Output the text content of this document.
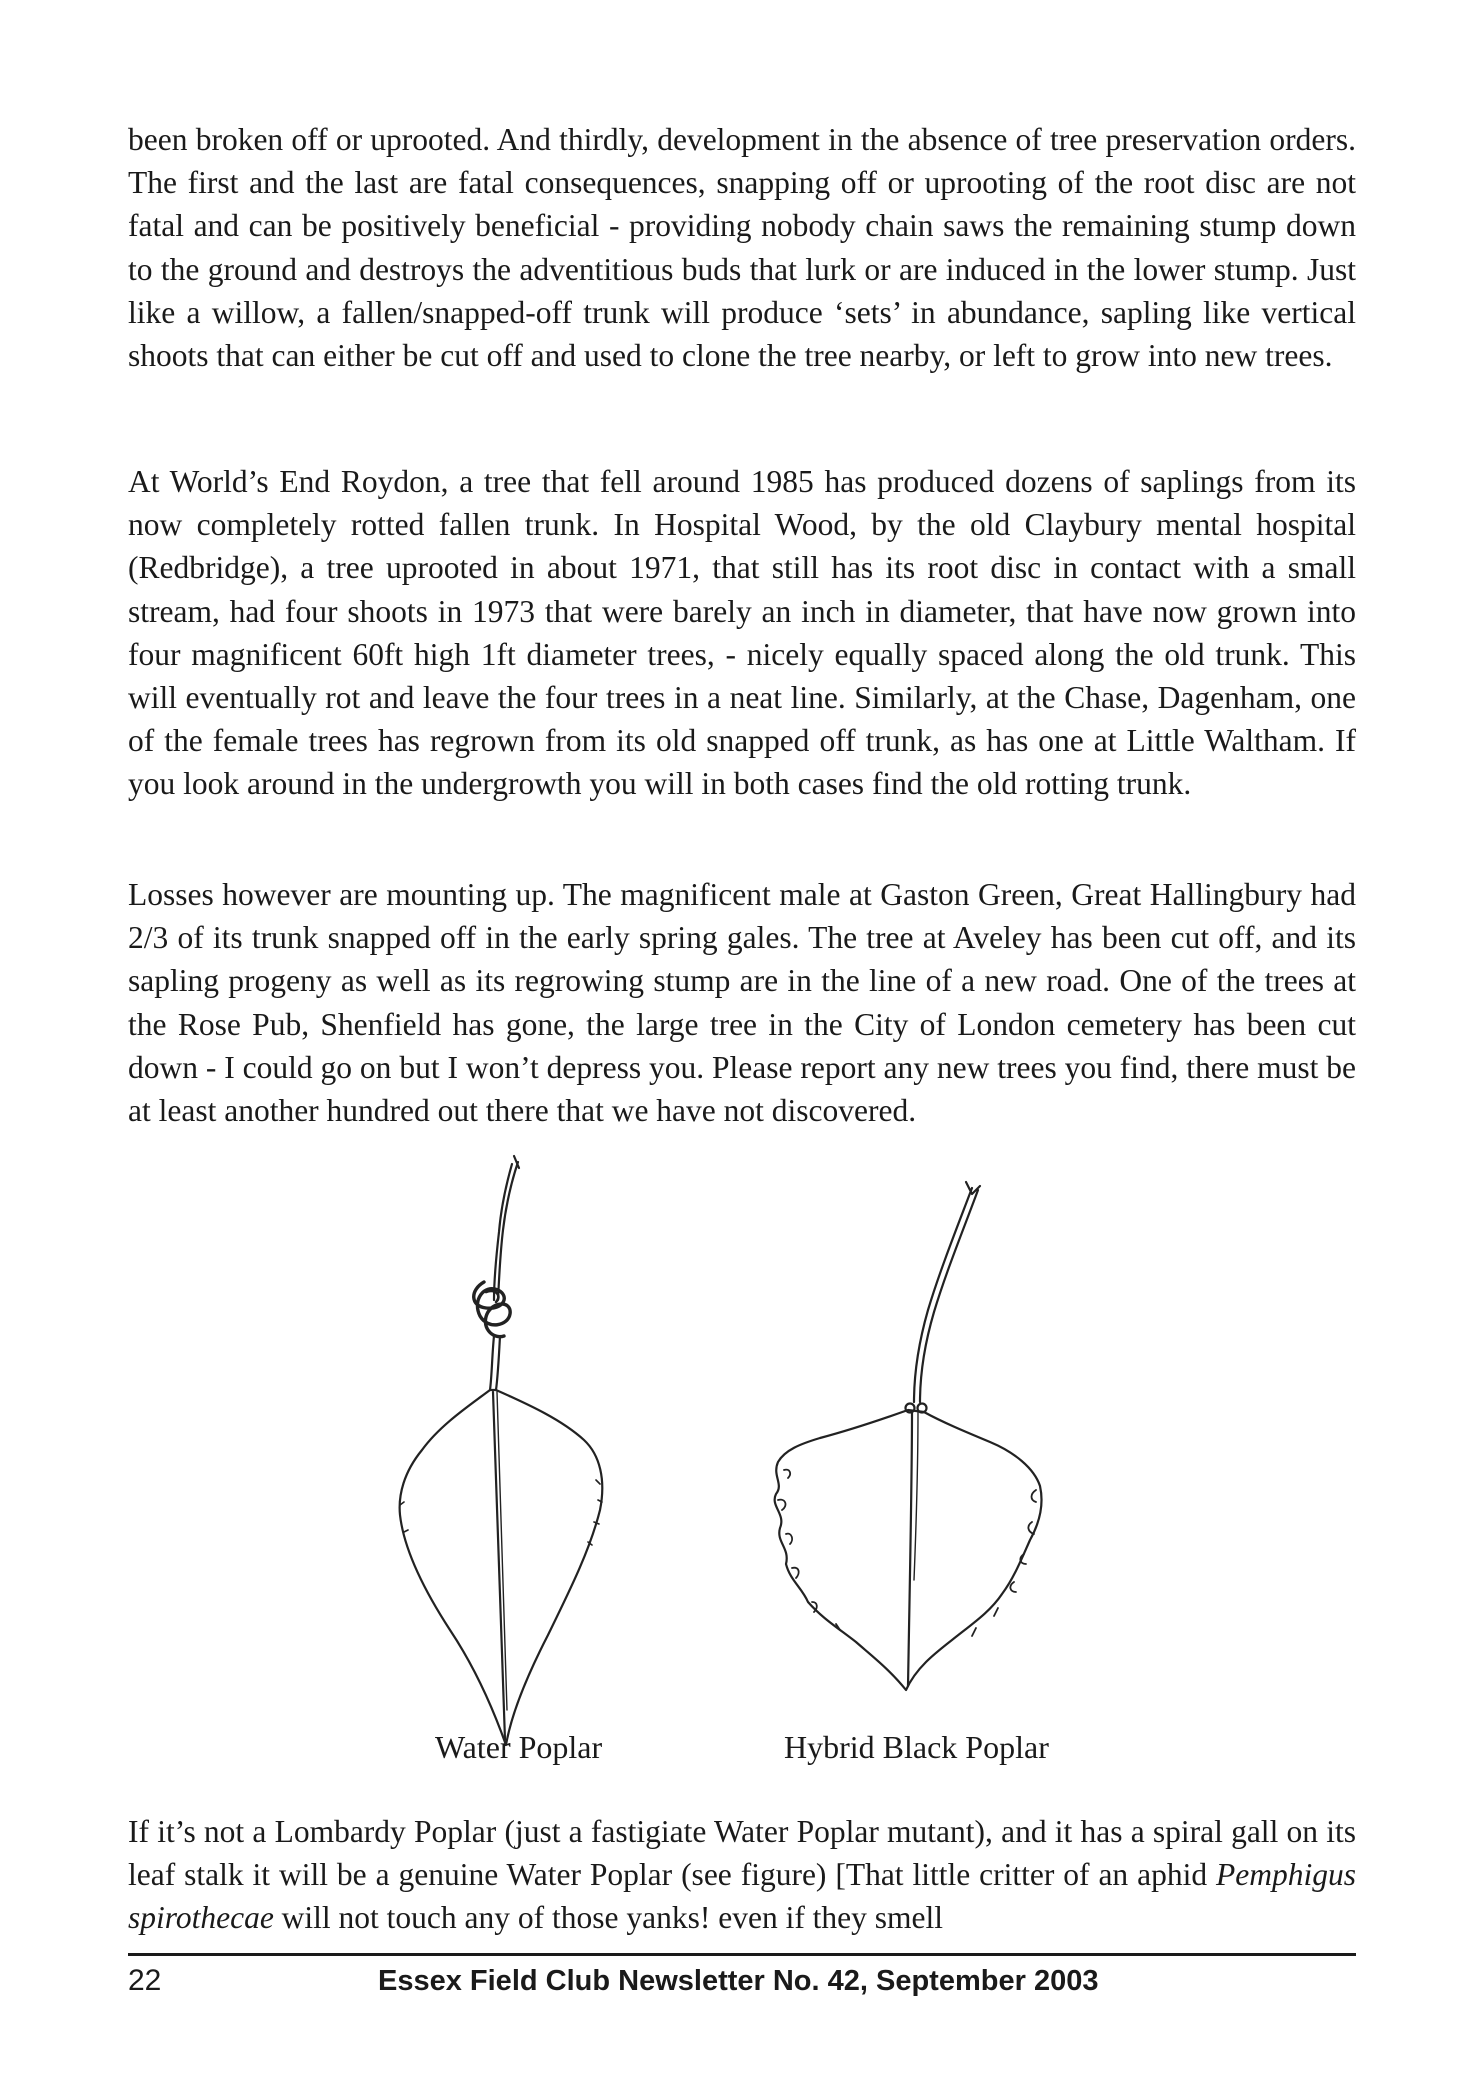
been broken off or uprooted. And thirdly, development in the absence of tree preservation orders. The first and the last are fatal consequences, snapping off or uprooting of the root disc are not fatal and can be positively beneficial - providing nobody chain saws the remaining stump down to the ground and destroys the adventitious buds that lurk or are induced in the lower stump. Just like a willow, a fallen/snapped-off trunk will produce ‘sets’ in abundance, sapling like vertical shoots that can either be cut off and used to clone the tree nearby, or left to grow into new trees.

At World’s End Roydon, a tree that fell around 1985 has produced dozens of saplings from its now completely rotted fallen trunk. In Hospital Wood, by the old Claybury mental hospital (Redbridge), a tree uprooted in about 1971, that still has its root disc in contact with a small stream, had four shoots in 1973 that were barely an inch in diameter, that have now grown into four magnificent 60ft high 1ft diameter trees, - nicely equally spaced along the old trunk. This will eventually rot and leave the four trees in a neat line. Similarly, at the Chase, Dagenham, one of the female trees has regrown from its old snapped off trunk, as has one at Little Waltham. If you look around in the undergrowth you will in both cases find the old rotting trunk.

Losses however are mounting up. The magnificent male at Gaston Green, Great Hallingbury had 2/3 of its trunk snapped off in the early spring gales. The tree at Aveley has been cut off, and its sapling progeny as well as its regrowing stump are in the line of a new road. One of the trees at the Rose Pub, Shenfield has gone, the large tree in the City of London cemetery has been cut down - I could go on but I won’t depress you. Please report any new trees you find, there must be at least another hundred out there that we have not discovered.

Water Poplar	Hybrid Black Poplar

If it’s not a Lombardy Poplar (just a fastigiate Water Poplar mutant), and it has a spiral gall on its leaf stalk it will be a genuine Water Poplar (see figure) [That little critter of an aphid Pemphigus spirothecae will not touch any of those yanks! even if they smell

22	Essex Field Club Newsletter No. 42, September 2003
